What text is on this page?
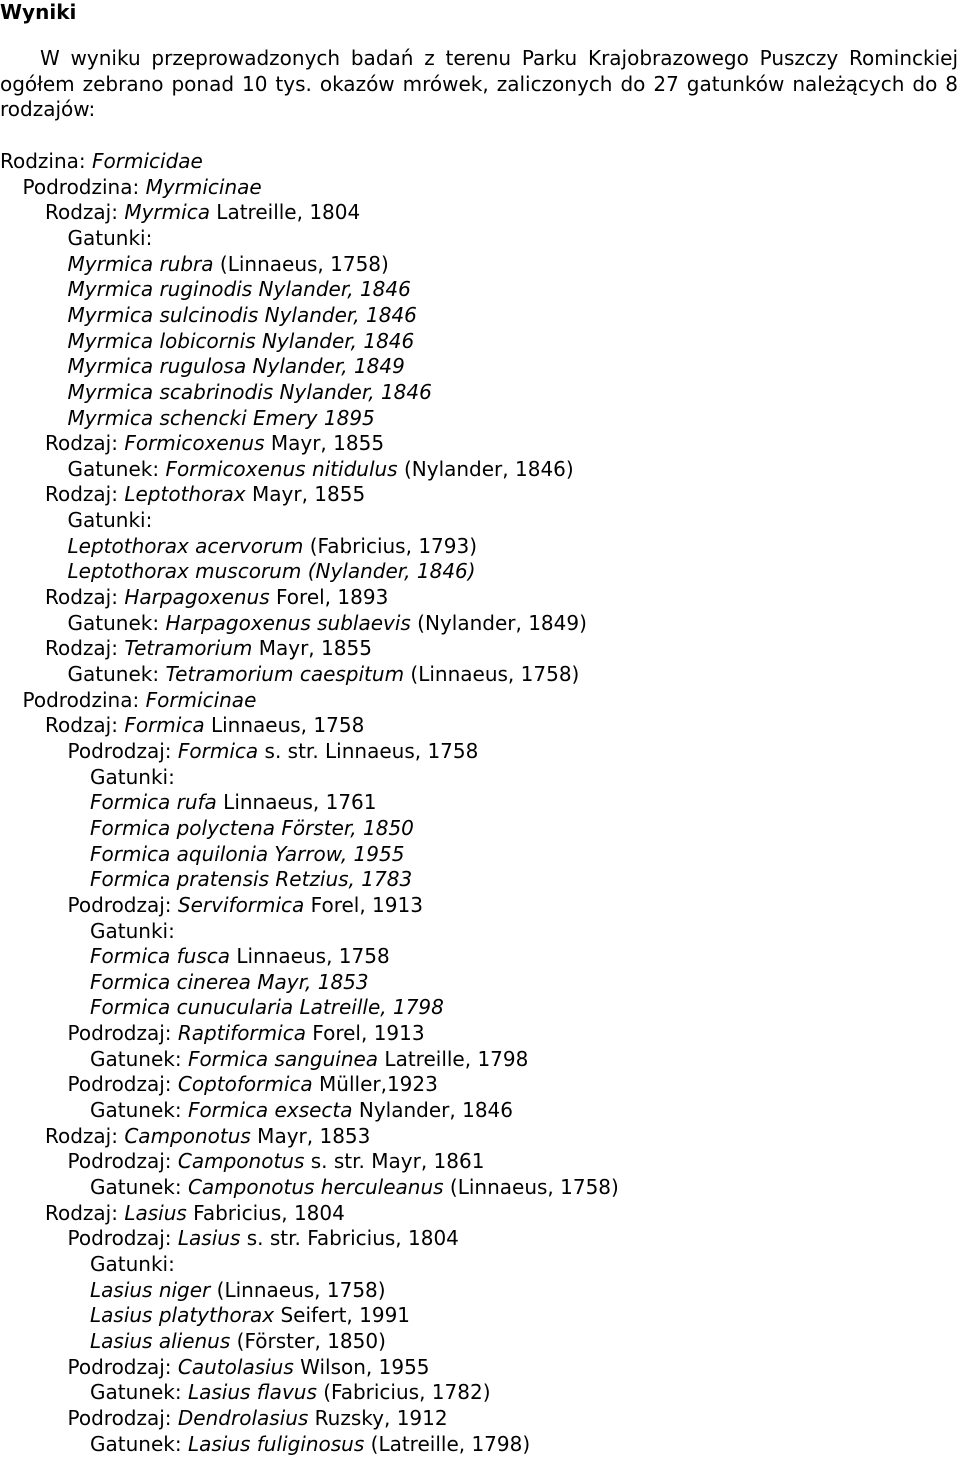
Wyniki

W wyniku przeprowadzonych badań z terenu Parku Krajobrazowego Puszczy Rominckiej ogółem zebrano ponad 10 tys. okazów mrówek, zaliczonych do 27 gatunków należących do 8 rodzajów:

Rodzina: Formicidae
Podrodzina: Myrmicinae
Rodzaj: Myrmica Latreille, 1804
Gatunki:
Myrmica rubra (Linnaeus, 1758)
Myrmica ruginodis Nylander, 1846
Myrmica sulcinodis Nylander, 1846
Myrmica lobicornis Nylander, 1846
Myrmica rugulosa Nylander, 1849
Myrmica scabrinodis Nylander, 1846
Myrmica schencki Emery 1895
Rodzaj: Formicoxenus Mayr, 1855
Gatunek: Formicoxenus nitidulus (Nylander, 1846)
Rodzaj: Leptothorax Mayr, 1855
Gatunki:
Leptothorax acervorum (Fabricius, 1793)
Leptothorax muscorum (Nylander, 1846)
Rodzaj: Harpagoxenus Forel, 1893
Gatunek: Harpagoxenus sublaevis (Nylander, 1849)
Rodzaj: Tetramorium Mayr, 1855
Gatunek: Tetramorium caespitum (Linnaeus, 1758)
Podrodzina: Formicinae
Rodzaj: Formica Linnaeus, 1758
Podrodzaj: Formica s. str. Linnaeus, 1758
Gatunki:
Formica rufa Linnaeus, 1761
Formica polyctena Förster, 1850
Formica aquilonia Yarrow, 1955
Formica pratensis Retzius, 1783
Podrodzaj: Serviformica Forel, 1913
Gatunki:
Formica fusca Linnaeus, 1758
Formica cinerea Mayr, 1853
Formica cunucularia Latreille, 1798
Podrodzaj: Raptiformica Forel, 1913
Gatunek: Formica sanguinea Latreille, 1798
Podrodzaj: Coptoformica Müller,1923
Gatunek: Formica exsecta Nylander, 1846
Rodzaj: Camponotus Mayr, 1853
Podrodzaj: Camponotus s. str. Mayr, 1861
Gatunek: Camponotus herculeanus (Linnaeus, 1758)
Rodzaj: Lasius Fabricius, 1804
Podrodzaj: Lasius s. str. Fabricius, 1804
Gatunki:
Lasius niger (Linnaeus, 1758)
Lasius platythorax Seifert, 1991
Lasius alienus (Förster, 1850)
Podrodzaj: Cautolasius Wilson, 1955
Gatunek: Lasius flavus (Fabricius, 1782)
Podrodzaj: Dendrolasius Ruzsky, 1912
Gatunek: Lasius fuliginosus (Latreille, 1798)
